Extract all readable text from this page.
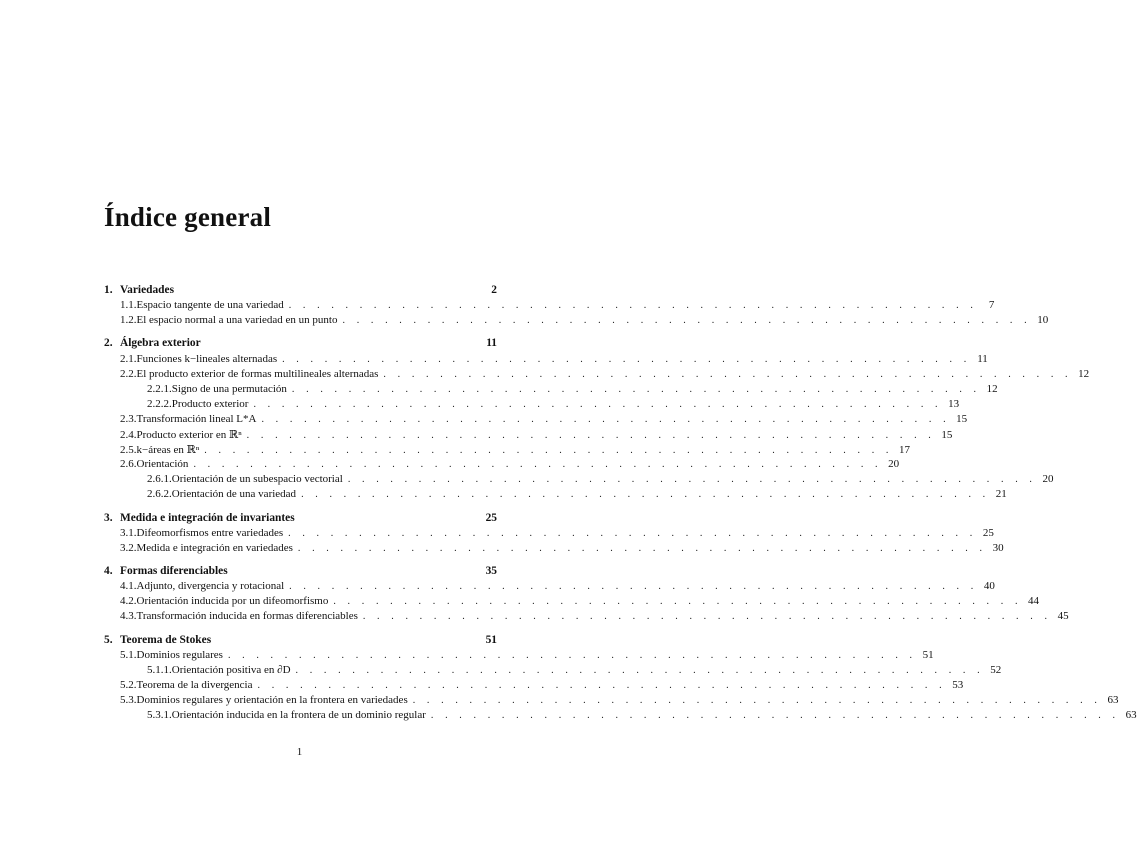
Índice general
1. Variedades	2
1.1. Espacio tangente de una variedad . . .	7
1.2. El espacio normal a una variedad en un punto . . .	10
2. Álgebra exterior	11
2.1. Funciones k−lineales alternadas . . .	11
2.2. El producto exterior de formas multilineales alternadas . . .	12
2.2.1. Signo de una permutación . . .	12
2.2.2. Producto exterior . . .	13
2.3. Transformación lineal L*A . . .	15
2.4. Producto exterior en ℝⁿ . . .	15
2.5. k−áreas en ℝⁿ . . .	17
2.6. Orientación . . .	20
2.6.1. Orientación de un subespacio vectorial . . .	20
2.6.2. Orientación de una variedad . . .	21
3. Medida e integración de invariantes	25
3.1. Difeomorfismos entre variedades . . .	25
3.2. Medida e integración en variedades . . .	30
4. Formas diferenciables	35
4.1. Adjunto, divergencia y rotacional . . .	40
4.2. Orientación inducida por un difeomorfismo . . .	44
4.3. Transformación inducida en formas diferenciables . . .	45
5. Teorema de Stokes	51
5.1. Dominios regulares . . .	51
5.1.1. Orientación positiva en ∂D . . .	52
5.2. Teorema de la divergencia . . .	53
5.3. Dominios regulares y orientación en la frontera en variedades . . .	63
5.3.1. Orientación inducida en la frontera de un dominio regular . . .	63
1
